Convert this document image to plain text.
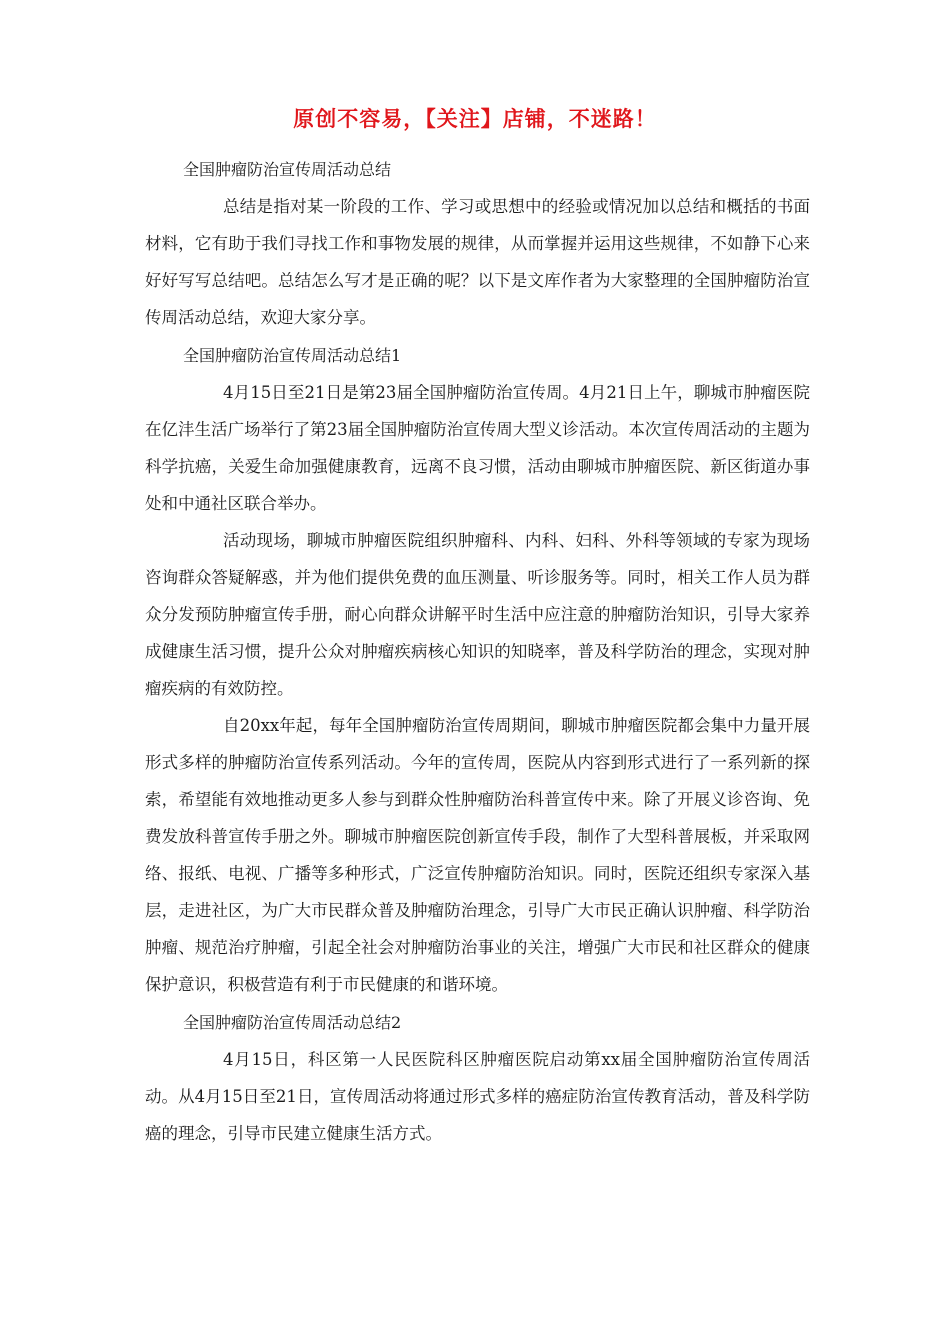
原创不容易，【关注】店铺，不迷路！

全国肿瘤防治宣传周活动总结

总结是指对某一阶段的工作、学习或思想中的经验或情况加以总结和概括的书面材料，它有助于我们寻找工作和事物发展的规律，从而掌握并运用这些规律，不如静下心来好好写写总结吧。总结怎么写才是正确的呢？以下是文库作者为大家整理的全国肿瘤防治宣传周活动总结，欢迎大家分享。

全国肿瘤防治宣传周活动总结1

4月15日至21日是第23届全国肿瘤防治宣传周。4月21日上午，聊城市肿瘤医院在亿沣生活广场举行了第23届全国肿瘤防治宣传周大型义诊活动。本次宣传周活动的主题为科学抗癌，关爱生命加强健康教育，远离不良习惯，活动由聊城市肿瘤医院、新区街道办事处和中通社区联合举办。

活动现场，聊城市肿瘤医院组织肿瘤科、内科、妇科、外科等领域的专家为现场咨询群众答疑解惑，并为他们提供免费的血压测量、听诊服务等。同时，相关工作人员为群众分发预防肿瘤宣传手册，耐心向群众讲解平时生活中应注意的肿瘤防治知识，引导大家养成健康生活习惯，提升公众对肿瘤疾病核心知识的知晓率，普及科学防治的理念，实现对肿瘤疾病的有效防控。

自20xx年起，每年全国肿瘤防治宣传周期间，聊城市肿瘤医院都会集中力量开展形式多样的肿瘤防治宣传系列活动。今年的宣传周，医院从内容到形式进行了一系列新的探索，希望能有效地推动更多人参与到群众性肿瘤防治科普宣传中来。除了开展义诊咨询、免费发放科普宣传手册之外。聊城市肿瘤医院创新宣传手段，制作了大型科普展板，并采取网络、报纸、电视、广播等多种形式，广泛宣传肿瘤防治知识。同时，医院还组织专家深入基层，走进社区，为广大市民群众普及肿瘤防治理念，引导广大市民正确认识肿瘤、科学防治肿瘤、规范治疗肿瘤，引起全社会对肿瘤防治事业的关注，增强广大市民和社区群众的健康保护意识，积极营造有利于市民健康的和谐环境。

全国肿瘤防治宣传周活动总结2

4月15日，科区第一人民医院科区肿瘤医院启动第xx届全国肿瘤防治宣传周活动。从4月15日至21日，宣传周活动将通过形式多样的癌症防治宣传教育活动，普及科学防癌的理念，引导市民建立健康生活方式。
